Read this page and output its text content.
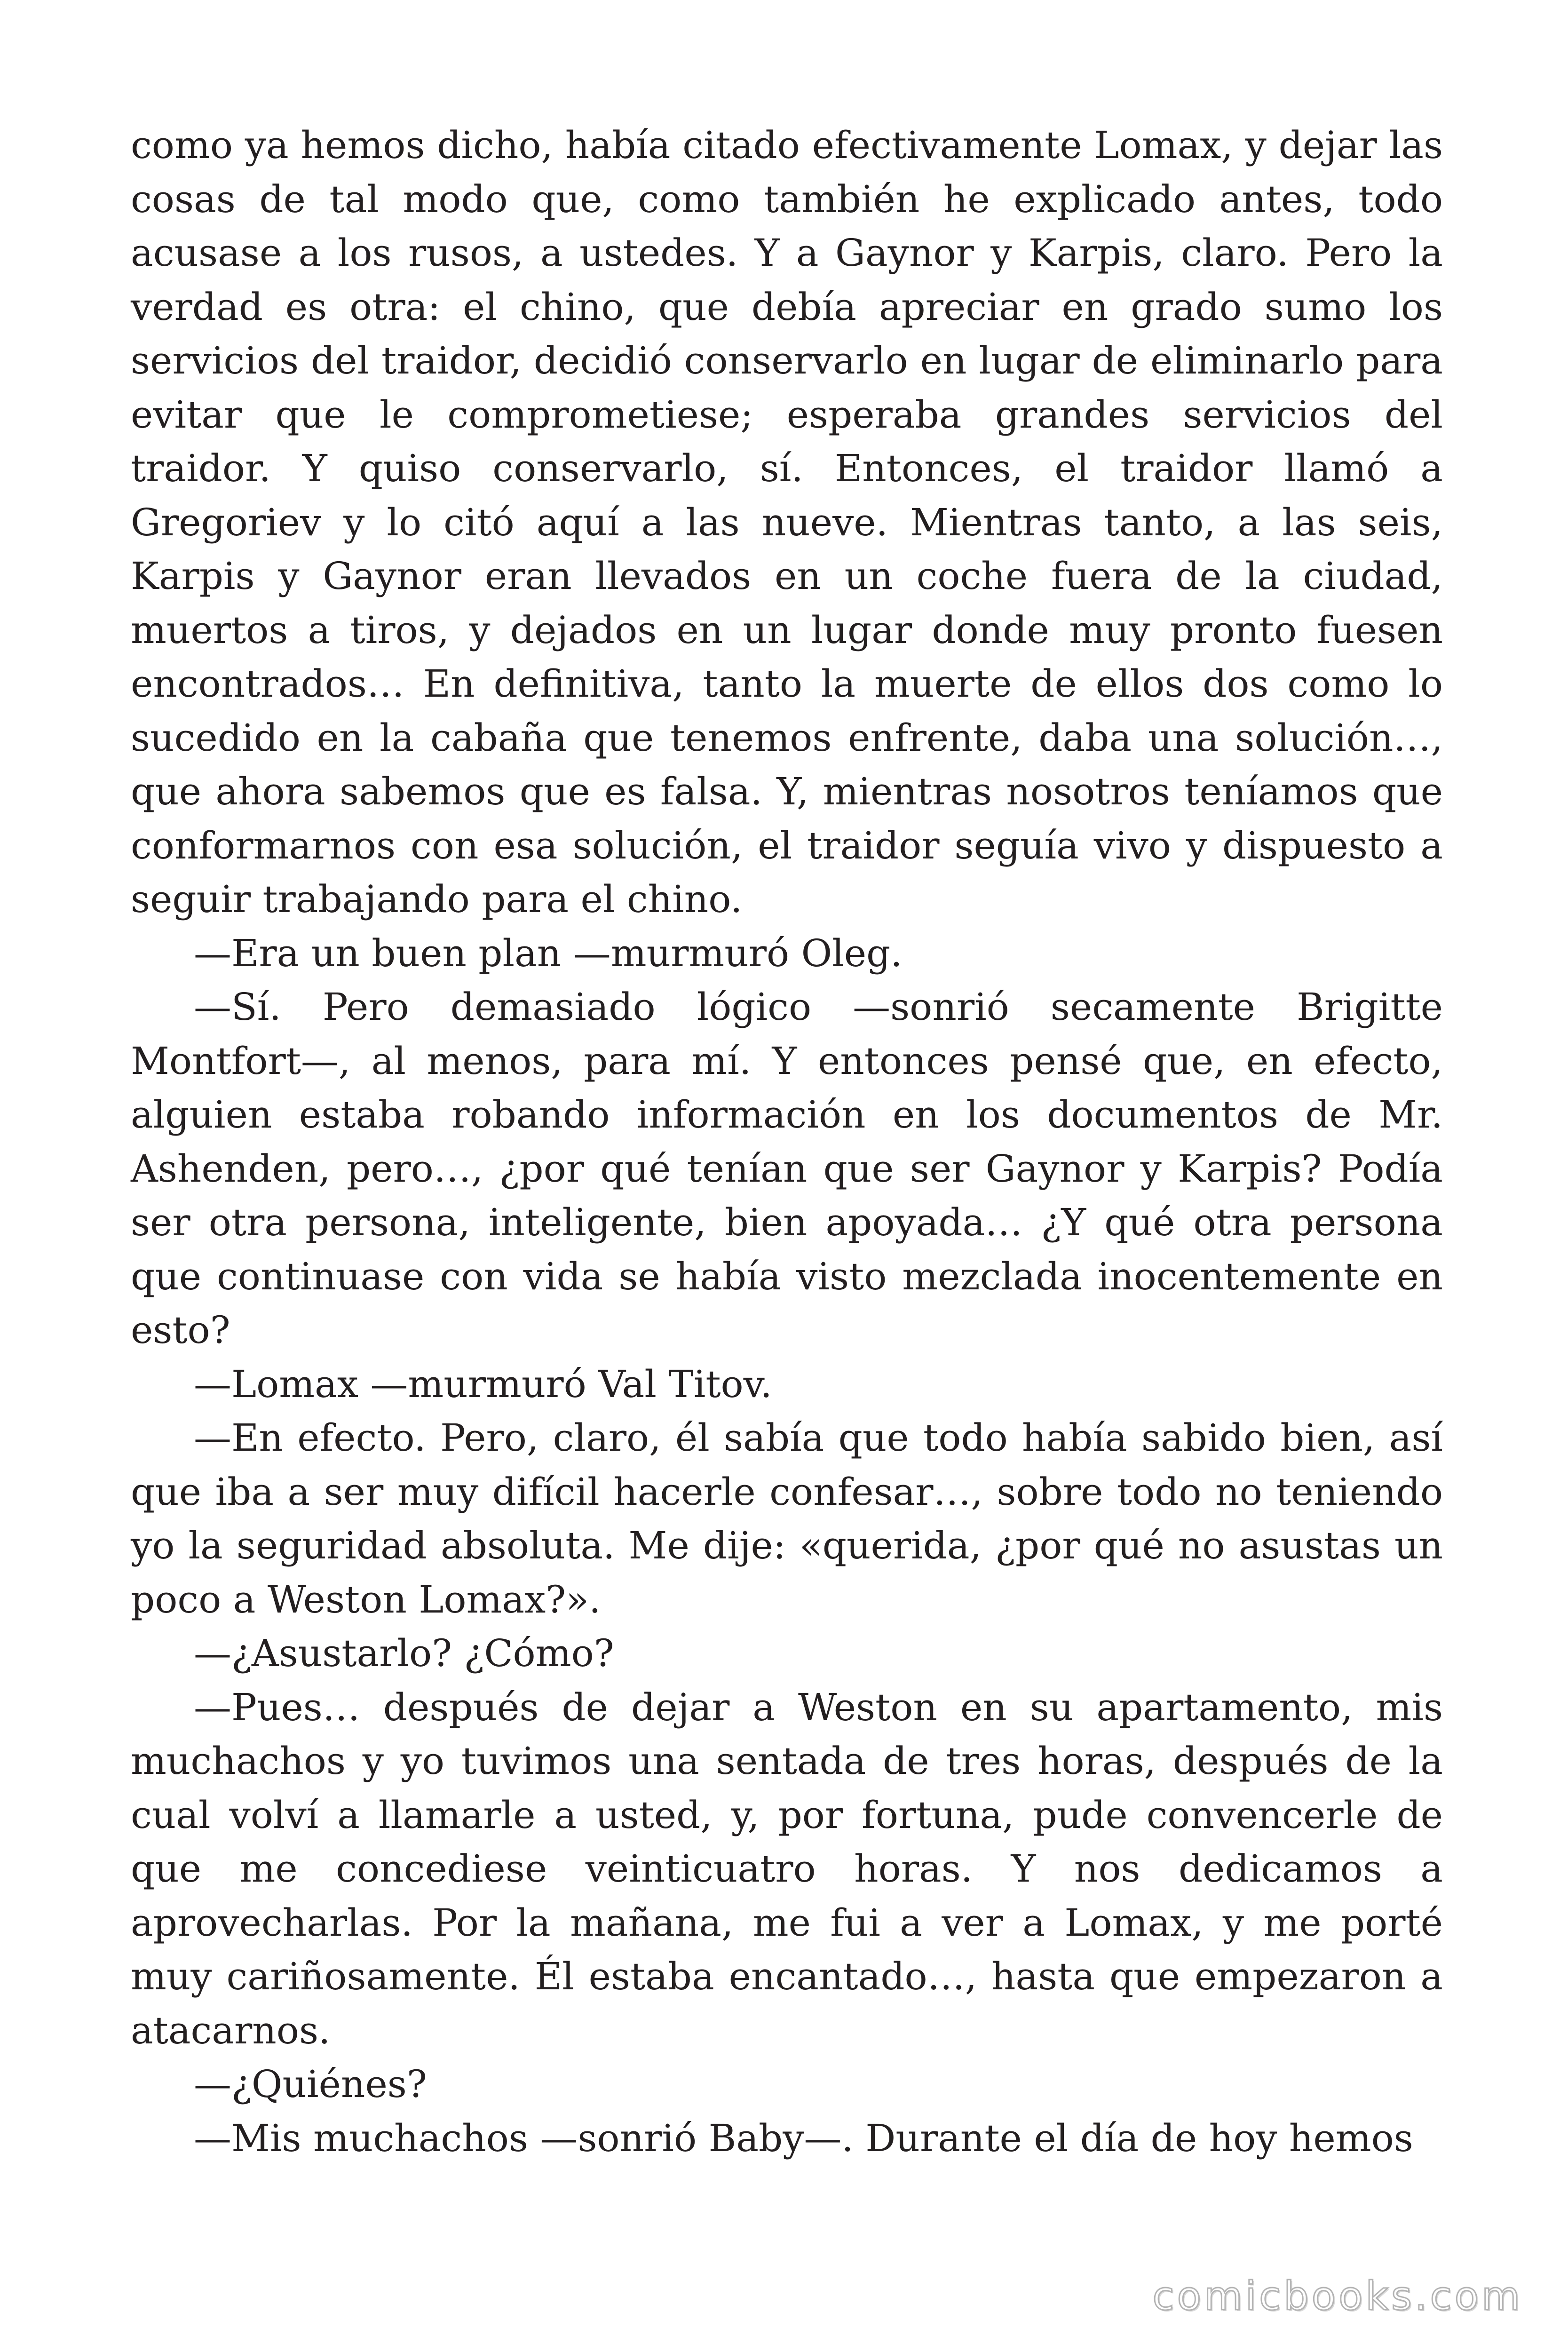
como ya hemos dicho, había citado efectivamente Lomax, y dejar las cosas de tal modo que, como también he explicado antes, todo acusase a los rusos, a ustedes. Y a Gaynor y Karpis, claro. Pero la verdad es otra: el chino, que debía apreciar en grado sumo los servicios del traidor, decidió conservarlo en lugar de eliminarlo para evitar que le comprometiese; esperaba grandes servicios del traidor. Y quiso conservarlo, sí. Entonces, el traidor llamó a Gregoriev y lo citó aquí a las nueve. Mientras tanto, a las seis, Karpis y Gaynor eran llevados en un coche fuera de la ciudad, muertos a tiros, y dejados en un lugar donde muy pronto fuesen encontrados… En definitiva, tanto la muerte de ellos dos como lo sucedido en la cabaña que tenemos enfrente, daba una solución…, que ahora sabemos que es falsa. Y, mientras nosotros teníamos que conformarnos con esa solución, el traidor seguía vivo y dispuesto a seguir trabajando para el chino.

—Era un buen plan —murmuró Oleg.

—Sí. Pero demasiado lógico —sonrió secamente Brigitte Montfort—, al menos, para mí. Y entonces pensé que, en efecto, alguien estaba robando información en los documentos de Mr. Ashenden, pero…, ¿por qué tenían que ser Gaynor y Karpis? Podía ser otra persona, inteligente, bien apoyada… ¿Y qué otra persona que continuase con vida se había visto mezclada inocentemente en esto?

—Lomax —murmuró Val Titov.

—En efecto. Pero, claro, él sabía que todo había sabido bien, así que iba a ser muy difícil hacerle confesar…, sobre todo no teniendo yo la seguridad absoluta. Me dije: «querida, ¿por qué no asustas un poco a Weston Lomax?».

—¿Asustarlo? ¿Cómo?

—Pues… después de dejar a Weston en su apartamento, mis muchachos y yo tuvimos una sentada de tres horas, después de la cual volví a llamarle a usted, y, por fortuna, pude convencerle de que me concediese veinticuatro horas. Y nos dedicamos a aprovecharlas. Por la mañana, me fui a ver a Lomax, y me porté muy cariñosamente. Él estaba encantado…, hasta que empezaron a atacarnos.

—¿Quiénes?

—Mis muchachos —sonrió Baby—. Durante el día de hoy hemos

comicbooks.com
